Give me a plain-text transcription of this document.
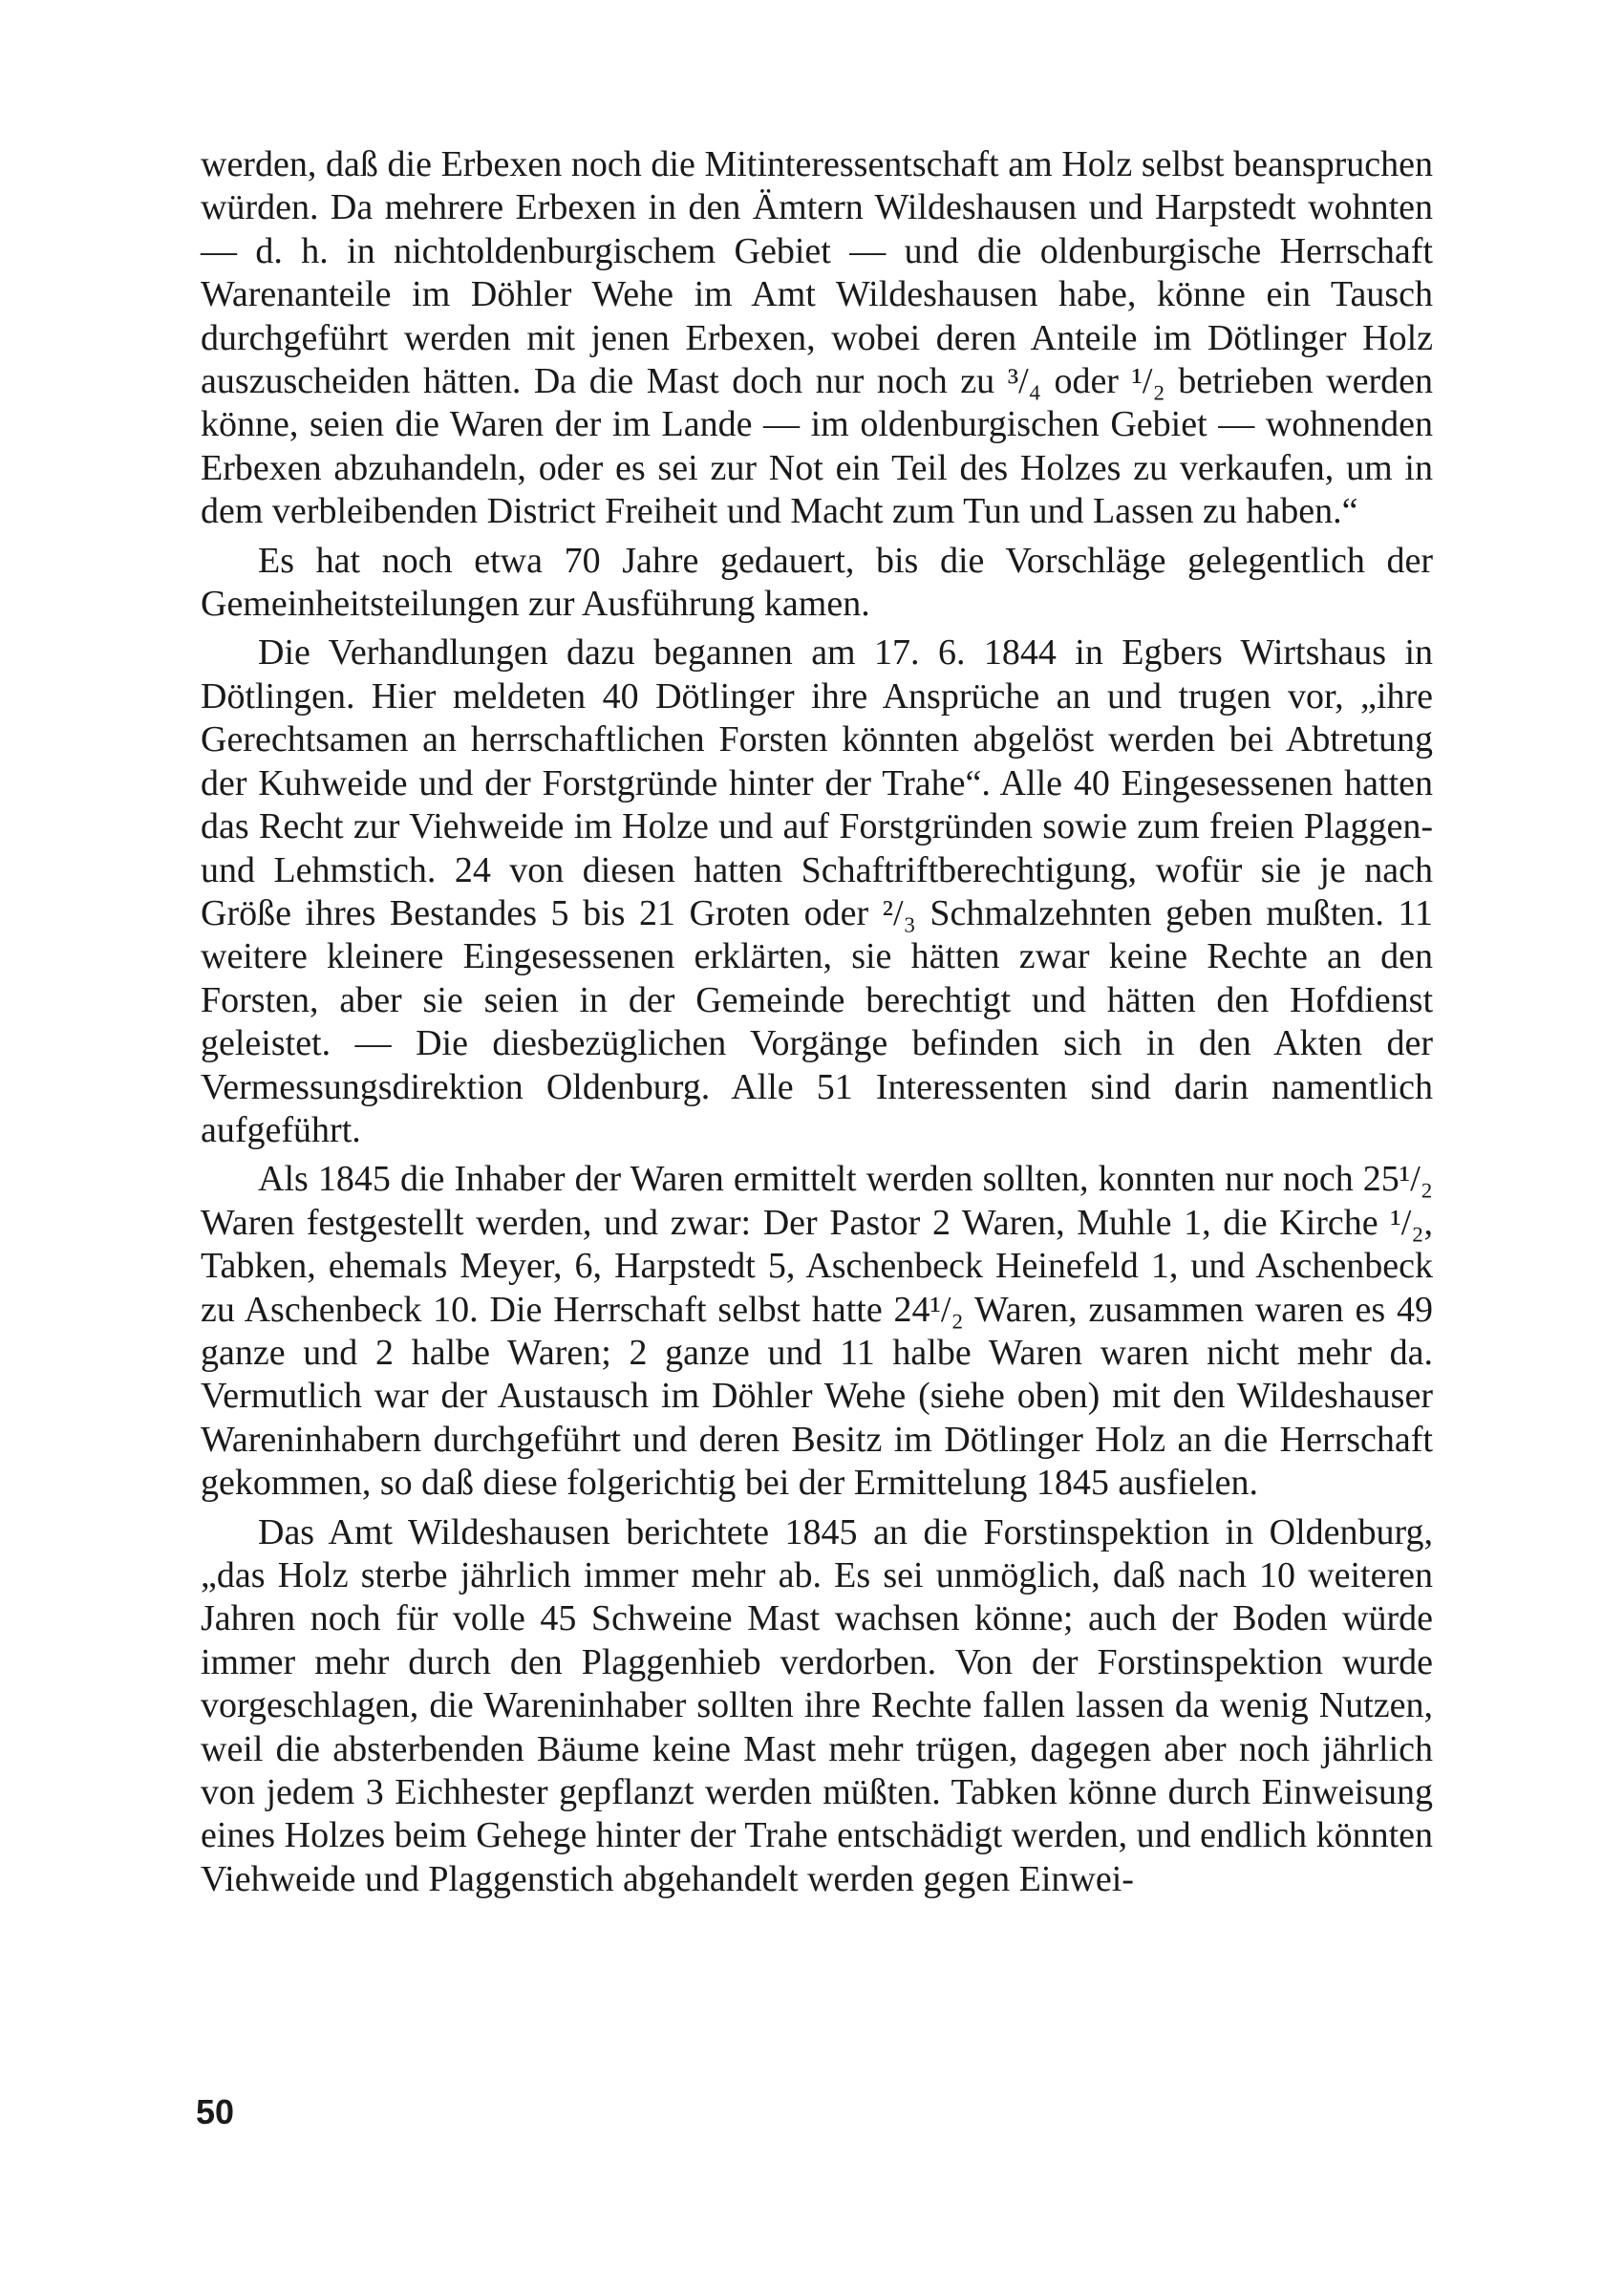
werden, daß die Erbexen noch die Mitinteressentschaft am Holz selbst beanspruchen würden. Da mehrere Erbexen in den Ämtern Wildeshausen und Harpstedt wohnten — d. h. in nichtoldenburgischem Gebiet — und die oldenburgische Herrschaft Warenanteile im Döhler Wehe im Amt Wildeshausen habe, könne ein Tausch durchgeführt werden mit jenen Erbexen, wobei deren Anteile im Dötlinger Holz auszuscheiden hätten. Da die Mast doch nur noch zu ³/₄ oder ¹/₂ betrieben werden könne, seien die Waren der im Lande — im oldenburgischen Gebiet — wohnenden Erbexen abzuhandeln, oder es sei zur Not ein Teil des Holzes zu verkaufen, um in dem verbleibenden District Freiheit und Macht zum Tun und Lassen zu haben.“

Es hat noch etwa 70 Jahre gedauert, bis die Vorschläge gelegentlich der Gemeinheitsteilungen zur Ausführung kamen.

Die Verhandlungen dazu begannen am 17. 6. 1844 in Egbers Wirtshaus in Dötlingen. Hier meldeten 40 Dötlinger ihre Ansprüche an und trugen vor, „ihre Gerechtsamen an herrschaftlichen Forsten könnten abgelöst werden bei Abtretung der Kuhweide und der Forstgründe hinter der Trahe“. Alle 40 Eingesessenen hatten das Recht zur Viehweide im Holze und auf Forstgründen sowie zum freien Plaggen- und Lehmstich. 24 von diesen hatten Schaftriftberechtigung, wofür sie je nach Größe ihres Bestandes 5 bis 21 Groten oder ²/₃ Schmalzehnten geben mußten. 11 weitere kleinere Eingesessenen erklärten, sie hätten zwar keine Rechte an den Forsten, aber sie seien in der Gemeinde berechtigt und hätten den Hofdienst geleistet. — Die diesbezüglichen Vorgänge befinden sich in den Akten der Vermessungsdirektion Oldenburg. Alle 51 Interessenten sind darin namentlich aufgeführt.

Als 1845 die Inhaber der Waren ermittelt werden sollten, konnten nur noch 25¹/₂ Waren festgestellt werden, und zwar: Der Pastor 2 Waren, Muhle 1, die Kirche ¹/₂, Tabken, ehemals Meyer, 6, Harpstedt 5, Aschenbeck Heinefeld 1, und Aschenbeck zu Aschenbeck 10. Die Herrschaft selbst hatte 24¹/₂ Waren, zusammen waren es 49 ganze und 2 halbe Waren; 2 ganze und 11 halbe Waren waren nicht mehr da. Vermutlich war der Austausch im Döhler Wehe (siehe oben) mit den Wildeshauser Wareninhabern durchgeführt und deren Besitz im Dötlinger Holz an die Herrschaft gekommen, so daß diese folgerichtig bei der Ermittelung 1845 ausfielen.

Das Amt Wildeshausen berichtete 1845 an die Forstinspektion in Oldenburg, „das Holz sterbe jährlich immer mehr ab. Es sei unmöglich, daß nach 10 weiteren Jahren noch für volle 45 Schweine Mast wachsen könne; auch der Boden würde immer mehr durch den Plaggenhieb verdorben. Von der Forstinspektion wurde vorgeschlagen, die Wareninhaber sollten ihre Rechte fallen lassen da wenig Nutzen, weil die absterbenden Bäume keine Mast mehr trügen, dagegen aber noch jährlich von jedem 3 Eichhester gepflanzt werden müßten. Tabken könne durch Einweisung eines Holzes beim Gehege hinter der Trahe entschädigt werden, und endlich könnten Viehweide und Plaggenstich abgehandelt werden gegen Einwei-

50
